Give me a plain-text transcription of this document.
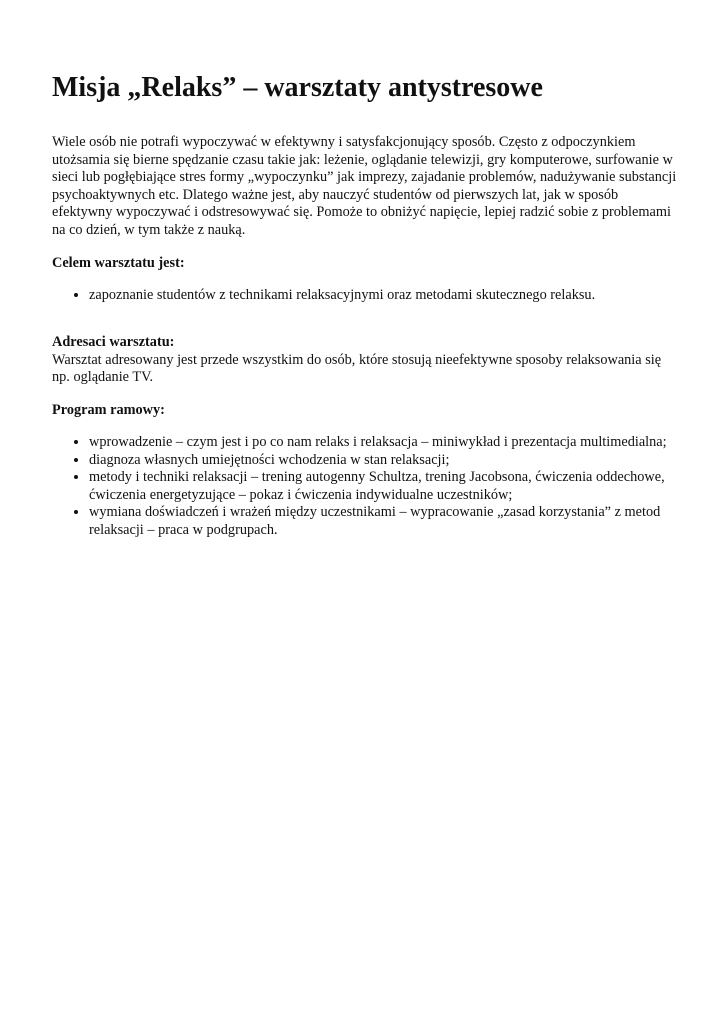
Misja „Relaks” – warsztaty antystresowe

Wiele osób nie potrafi wypoczywać w efektywny i satysfakcjonujący sposób. Często z odpoczynkiem utożsamia się bierne spędzanie czasu takie jak: leżenie, oglądanie telewizji, gry komputerowe, surfowanie w sieci lub pogłębiające stres formy „wypoczynku” jak imprezy, zajadanie problemów, nadużywanie substancji psychoaktywnych etc. Dlatego ważne jest, aby nauczyć studentów od pierwszych lat, jak w sposób efektywny wypoczywać i odstresowywać się. Pomoże to obniżyć napięcie, lepiej radzić sobie z problemami na co dzień, w tym także z nauką.

Celem warsztatu jest:

• zapoznanie studentów z technikami relaksacyjnymi oraz metodami skutecznego relaksu.

Adresaci warsztatu:

Warsztat adresowany jest przede wszystkim do osób, które stosują nieefektywne sposoby relaksowania się np. oglądanie TV.

Program ramowy:

• wprowadzenie – czym jest i po co nam relaks i relaksacja – miniwykład i prezentacja multimedialna;
• diagnoza własnych umiejętności wchodzenia w stan relaksacji;
• metody i techniki relaksacji – trening autogenny Schultza, trening Jacobsona, ćwiczenia oddechowe, ćwiczenia energetyzujące – pokaz i ćwiczenia indywidualne uczestników;
• wymiana doświadczeń i wrażeń między uczestnikami – wypracowanie „zasad korzystania” z metod relaksacji – praca w podgrupach.
